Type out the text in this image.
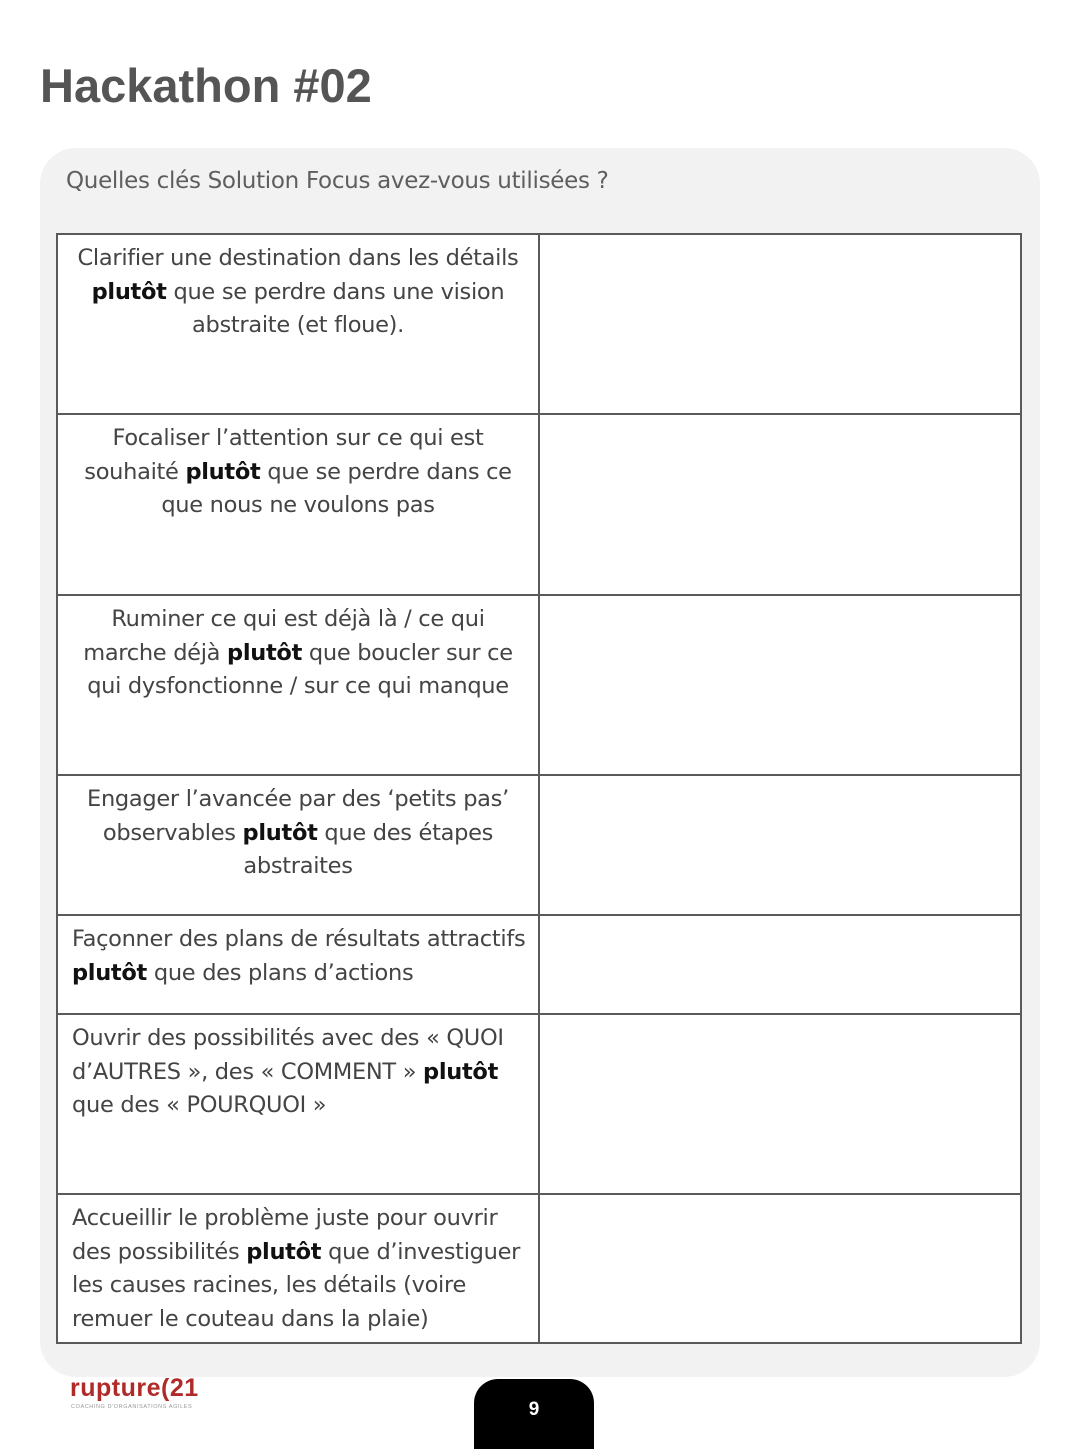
Hackathon #02
Quelles clés Solution Focus avez-vous utilisées ?
Clarifier une destination dans les détails plutôt que se perdre dans une vision abstraite (et floue).	

Focaliser l’attention sur ce qui est souhaité plutôt que se perdre dans ce que nous ne voulons pas	

Ruminer ce qui est déjà là / ce qui marche déjà plutôt que boucler sur ce qui dysfonctionne / sur ce qui manque	

Engager l’avancée par des ‘petits pas’ observables plutôt que des étapes abstraites	

Façonner des plans de résultats attractifs plutôt que des plans d’actions	

Ouvrir des possibilités avec des « QUOI d’AUTRES », des « COMMENT » plutôt que des « POURQUOI »	

Accueillir le problème juste pour ouvrir des possibilités plutôt que d’investiguer les causes racines, les détails (voire remuer le couteau dans la plaie)	

rupture(21
COACHING D'ORGANISATIONS AGILES	9
